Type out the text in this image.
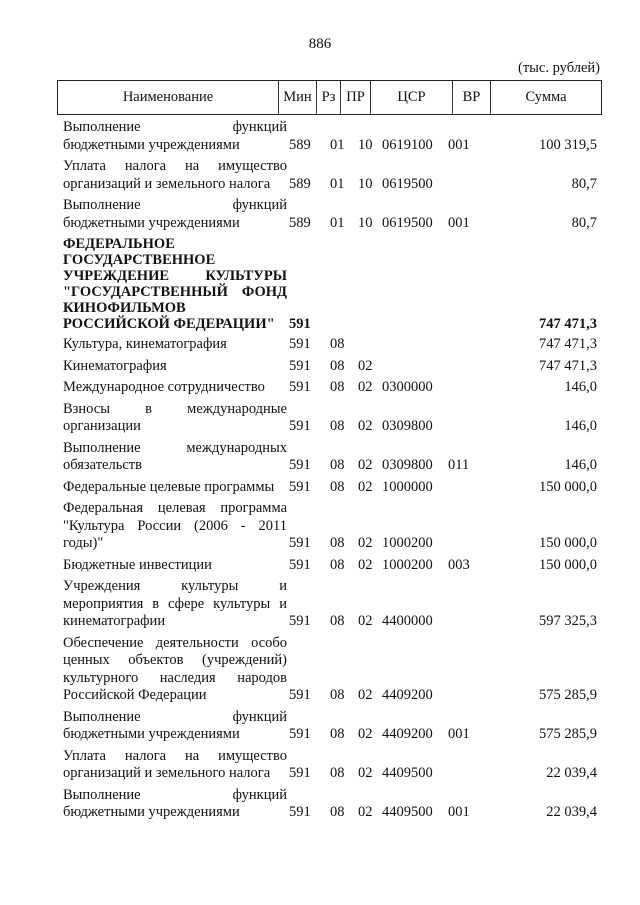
886
(тыс. рублей)
Наименование	Мин Рз ПР	ЦСР	ВР	Сумма
Выполнение функций
бюджетными учреждениями	589	01 10 0619100	001	100 319,5
Уплата налога на имущество
организаций и земельного налога	589	01 10 0619500	80,7
Выполнение функций
бюджетными учреждениями	589	01 10 0619500	001	80,7
ФЕДЕРАЛЬНОЕ
ГОСУДАРСТВЕННОЕ
УЧРЕЖДЕНИЕ КУЛЬТУРЫ
"ГОСУДАРСТВЕННЫЙ ФОНД
КИНОФИЛЬМОВ
РОССИЙСКОЙ ФЕДЕРАЦИИ" 591	747 471,3
Культура, кинематография	591	08	747 471,3
Кинематография	591	08 02	747 471,3
Международное сотрудничество	591	08 02 0300000	146,0
Взносы в международные
организации	591	08 02 0309800	146,0
Выполнение международных
обязательств	591	08 02 0309800	011	146,0
Федеральные целевые программы	591	08 02 1000000	150 000,0
Федеральная целевая программа
"Культура России (2006 - 2011
годы)"	591	08 02 1000200	150 000,0
Бюджетные инвестиции	591	08 02 1000200	003	150 000,0
Учреждения культуры и
мероприятия в сфере культуры и
кинематографии	591	08 02 4400000	597 325,3
Обеспечение деятельности особо
ценных объектов (учреждений)
культурного наследия народов
Российской Федерации	591	08 02 4409200	575 285,9
Выполнение функций
бюджетными учреждениями	591	08 02 4409200	001	575 285,9
Уплата налога на имущество
организаций и земельного налога	591	08 02 4409500	22 039,4
Выполнение функций
бюджетными учреждениями	591	08 02 4409500	001	22 039,4
